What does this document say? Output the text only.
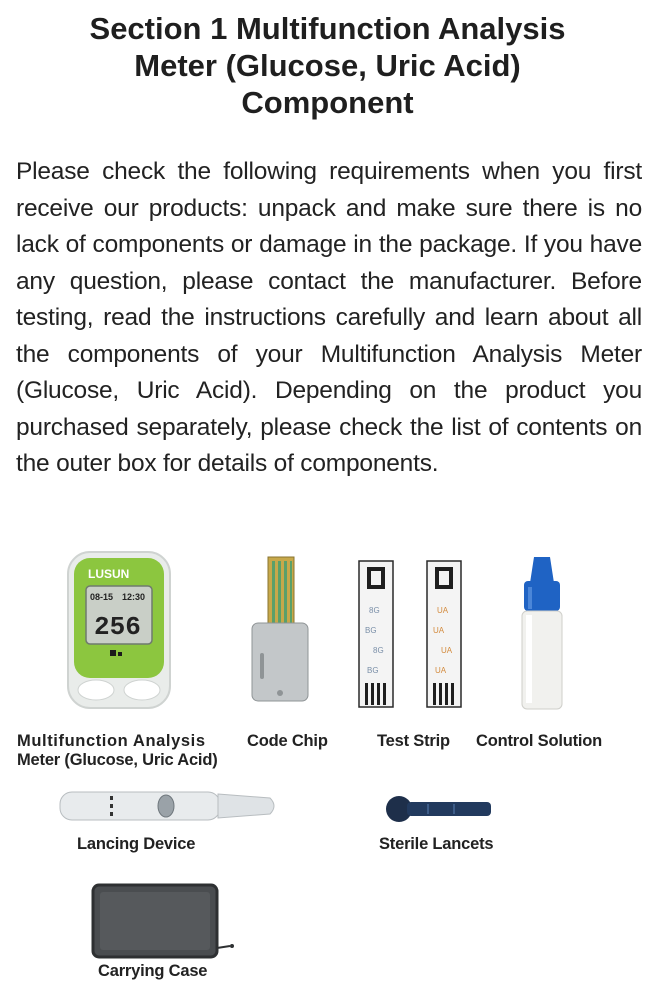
Section 1 Multifunction Analysis
Meter (Glucose, Uric Acid)
Component

Please check the following requirements when you first receive our products: unpack and make sure there is no lack of components or damage in the package. If you have any question, please contact the manufacturer. Before testing, read the instructions carefully and learn about all the components of your Multifunction Analysis Meter (Glucose, Uric Acid). Depending on the product you purchased separately, please check the list of contents on the outer box for details of components.

LUSUN
08-15 12:30
256
8G
BG
8G
BG
UA
UA
UA
UA
Multifunction Analysis
Meter (Glucose, Uric Acid)
Code Chip	Test Strip Control Solution
Lancing Device	Sterile Lancets
Carrying Case
